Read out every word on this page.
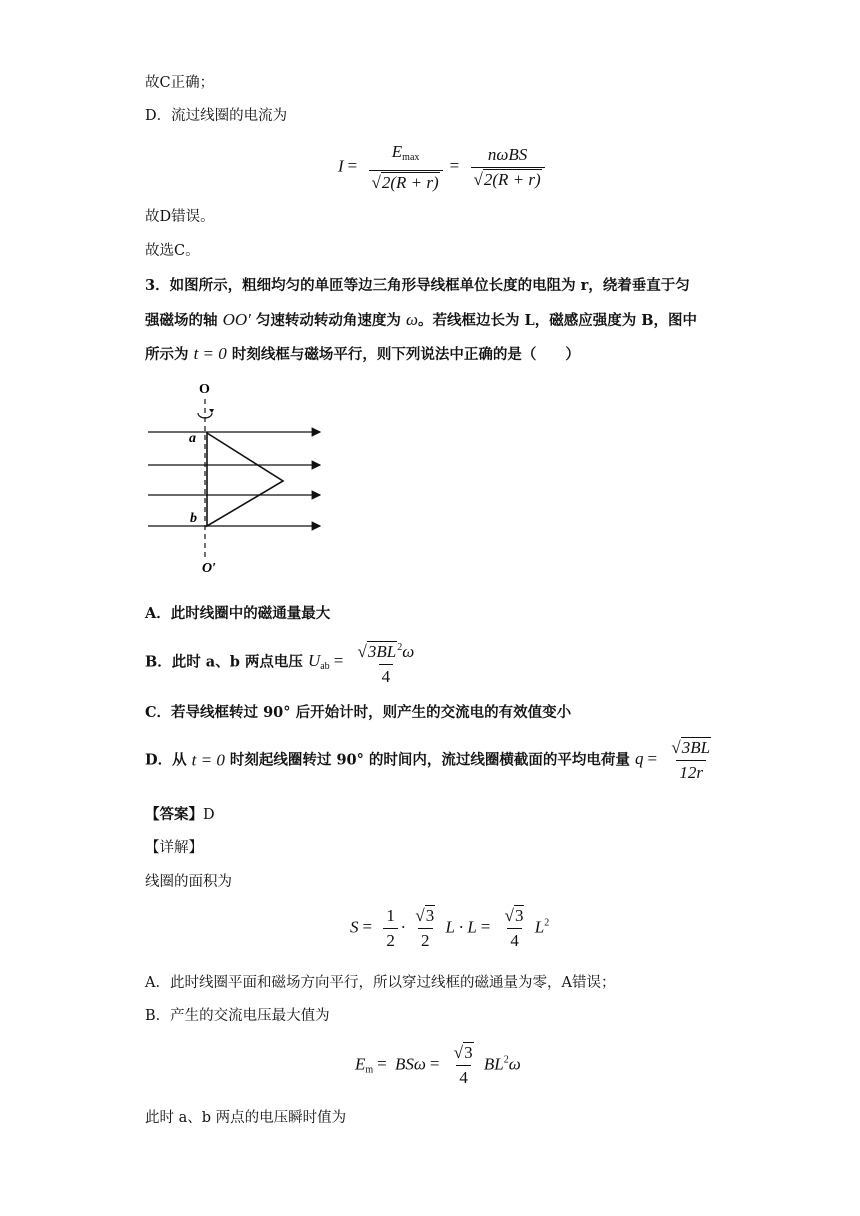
故C正确；
D．流过线圈的电流为
$I = \frac{E_{max}}{√2(R + r)} = \frac{\text{nωBS}}{√2(R + r)}$
故D错误。
故选C。
3．如图所示，粗细均匀的单匝等边三角形导线框单位长度的电阻为 r，绕着垂直于匀
强磁场的轴 OO′ 匀速转动转动角速度为 ω。若线框边长为 L，磁感应强度为 B，图中
所示为 t = 0 时刻线框与磁场平行，则下列说法中正确的是（　　）
O
O′
a
b
A．此时线圈中的磁通量最大
B．此时 a、b 两点电压 $U_{ab} = \frac{√3BL^2\omega}{4}$
C．若导线框转过 90° 后开始计时，则产生的交流电的有效值变小
D．从 t = 0 时刻起线圈转过 90° 的时间内，流过线圈横截面的平均电荷量 $q = \frac{√3BL}{12r}$
【答案】D
【详解】
线圈的面积为
$S = \frac{1}{2} \cdot \frac{√3}{2}$ $L \cdot L = \frac{√3}{4} L^2$
A．此时线圈平面和磁场方向平行，所以穿过线框的磁通量为零，A错误；
B．产生的交流电压最大值为
$E_m = BS\omega = \frac{√3}{4} BL^2\omega$
此时 a、b 两点的电压瞬时值为
